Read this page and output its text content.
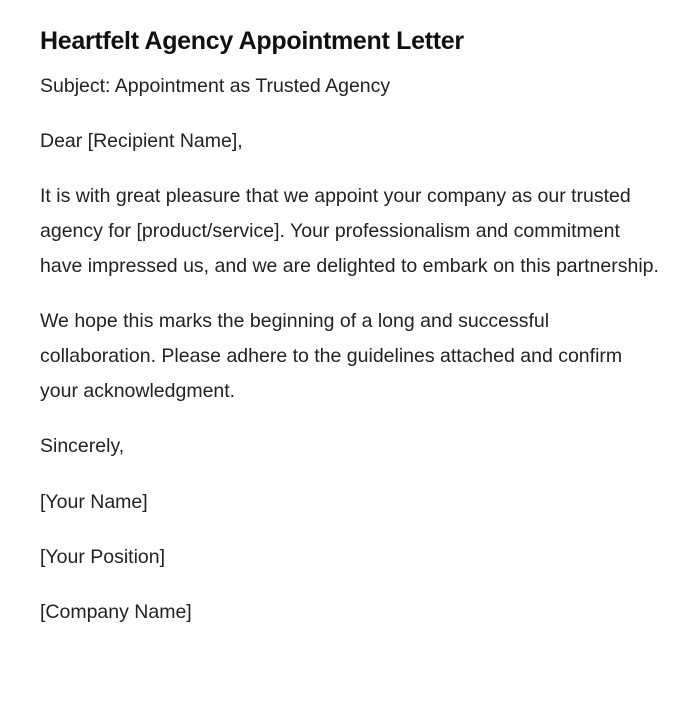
Heartfelt Agency Appointment Letter

Subject: Appointment as Trusted Agency

Dear [Recipient Name],

It is with great pleasure that we appoint your company as our trusted agency for [product/service]. Your professionalism and commitment have impressed us, and we are delighted to embark on this partnership.

We hope this marks the beginning of a long and successful collaboration. Please adhere to the guidelines attached and confirm your acknowledgment.

Sincerely,

[Your Name]

[Your Position]

[Company Name]
